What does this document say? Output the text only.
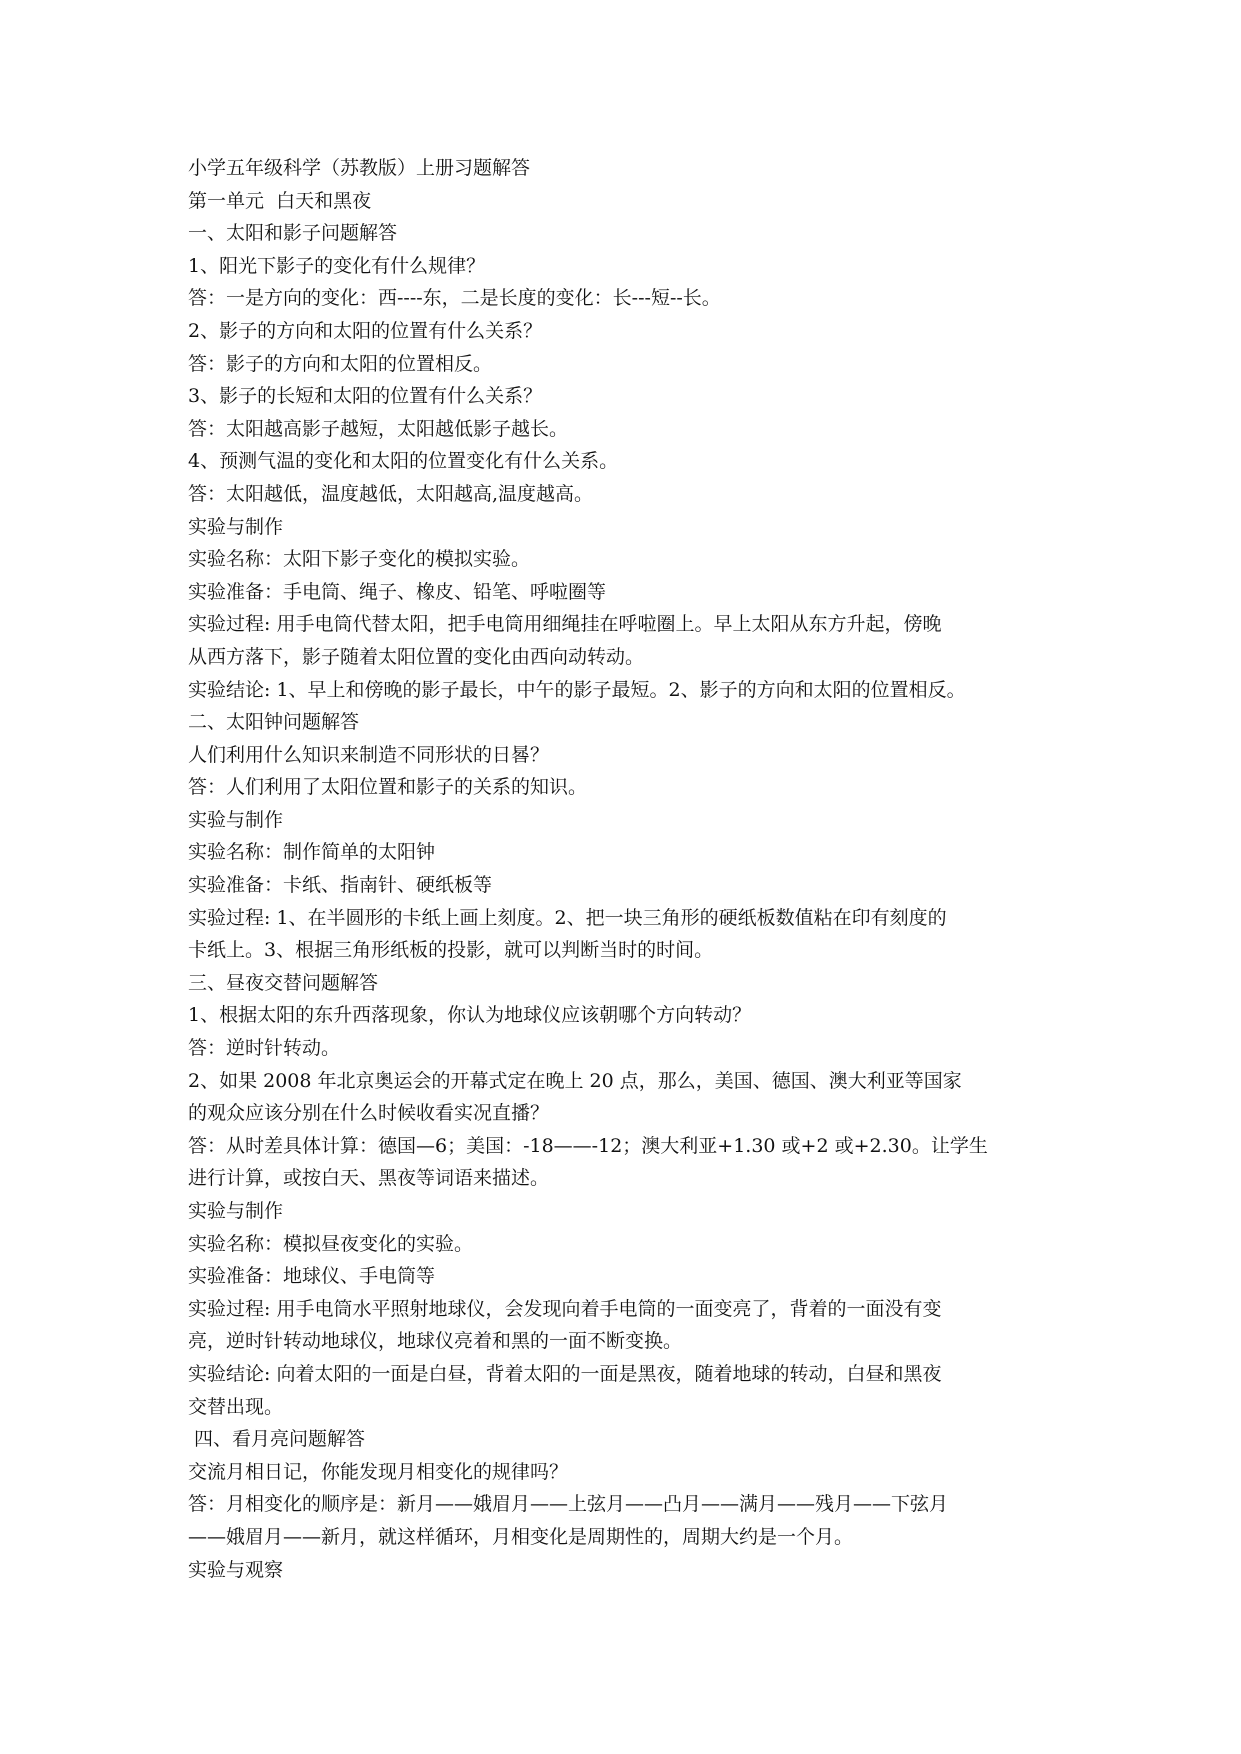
小学五年级科学（苏教版）上册习题解答

第一单元  白天和黑夜

一、太阳和影子问题解答

1、阳光下影子的变化有什么规律？

答：一是方向的变化：西----东，二是长度的变化：长---短--长。

2、影子的方向和太阳的位置有什么关系？

答：影子的方向和太阳的位置相反。

3、影子的长短和太阳的位置有什么关系？

答：太阳越高影子越短，太阳越低影子越长。

4、预测气温的变化和太阳的位置变化有什么关系。

答：太阳越低，温度越低，太阳越高,温度越高。

实验与制作

实验名称：太阳下影子变化的模拟实验。

实验准备：手电筒、绳子、橡皮、铅笔、呼啦圈等

实验过程: 用手电筒代替太阳，把手电筒用细绳挂在呼啦圈上。早上太阳从东方升起，傍晚

从西方落下，影子随着太阳位置的变化由西向动转动。

实验结论: 1、早上和傍晚的影子最长，中午的影子最短。2、影子的方向和太阳的位置相反。

二、太阳钟问题解答

人们利用什么知识来制造不同形状的日晷？

答：人们利用了太阳位置和影子的关系的知识。

实验与制作

实验名称：制作简单的太阳钟

实验准备：卡纸、指南针、硬纸板等

实验过程: 1、在半圆形的卡纸上画上刻度。2、把一块三角形的硬纸板数值粘在印有刻度的

卡纸上。3、根据三角形纸板的投影，就可以判断当时的时间。

三、昼夜交替问题解答

1、根据太阳的东升西落现象，你认为地球仪应该朝哪个方向转动？

答：逆时针转动。

2、如果 2008 年北京奥运会的开幕式定在晚上 20 点，那么，美国、德国、澳大利亚等国家

的观众应该分别在什么时候收看实况直播？

答：从时差具体计算：德国—6；美国：-18——-12；澳大利亚+1.30 或+2 或+2.30。让学生

进行计算，或按白天、黑夜等词语来描述。

实验与制作

实验名称：模拟昼夜变化的实验。

实验准备：地球仪、手电筒等

实验过程: 用手电筒水平照射地球仪，会发现向着手电筒的一面变亮了，背着的一面没有变

亮，逆时针转动地球仪，地球仪亮着和黑的一面不断变换。

实验结论: 向着太阳的一面是白昼，背着太阳的一面是黑夜，随着地球的转动，白昼和黑夜

交替出现。

四、看月亮问题解答

交流月相日记，你能发现月相变化的规律吗？

答：月相变化的顺序是：新月——娥眉月——上弦月——凸月——满月——残月——下弦月

——娥眉月——新月，就这样循环，月相变化是周期性的，周期大约是一个月。

实验与观察
